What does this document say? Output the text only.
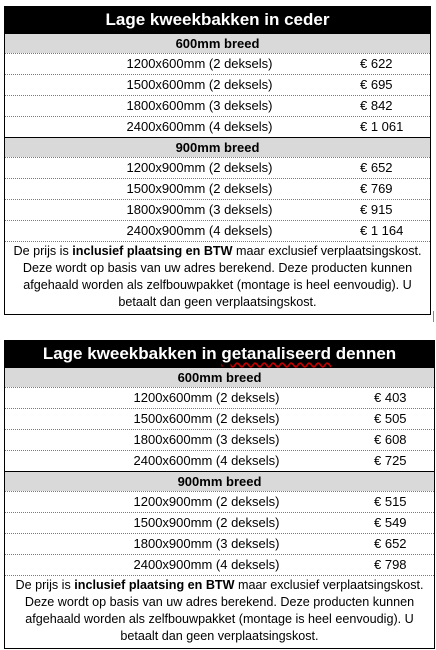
Lage kweekbakken in ceder
600mm breed
1200x600mm (2 deksels)	€ 622
1500x600mm (2 deksels)	€ 695
1800x600mm (3 deksels)	€ 842
2400x600mm (4 deksels)	€ 1 061
900mm breed
1200x900mm (2 deksels)	€ 652
1500x900mm (2 deksels)	€ 769
1800x900mm (3 deksels)	€ 915
2400x900mm (4 deksels)	€ 1 164
De prijs is inclusief plaatsing en BTW maar exclusief verplaatsingskost. Deze wordt op basis van uw adres berekend. Deze producten kunnen afgehaald worden als zelfbouwpakket (montage is heel eenvoudig). U betaalt dan geen verplaatsingskost.
Lage kweekbakken in getanaliseerd dennen
600mm breed
1200x600mm (2 deksels)	€ 403
1500x600mm (2 deksels)	€ 505
1800x600mm (3 deksels)	€ 608
2400x600mm (4 deksels)	€ 725
900mm breed
1200x900mm (2 deksels)	€ 515
1500x900mm (2 deksels)	€ 549
1800x900mm (3 deksels)	€ 652
2400x900mm (4 deksels)	€ 798
De prijs is inclusief plaatsing en BTW maar exclusief verplaatsingskost. Deze wordt op basis van uw adres berekend. Deze producten kunnen afgehaald worden als zelfbouwpakket (montage is heel eenvoudig). U betaalt dan geen verplaatsingskost.
